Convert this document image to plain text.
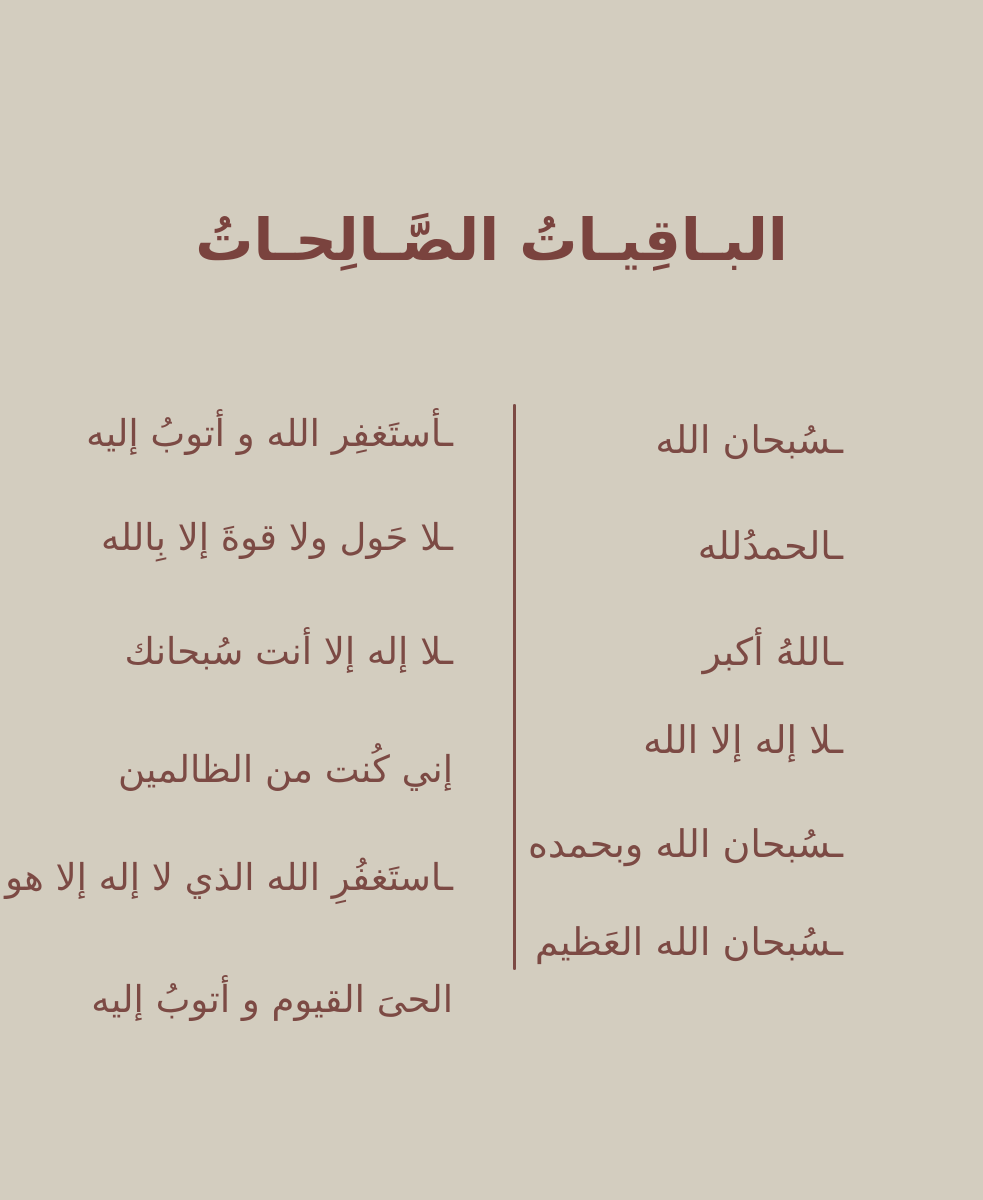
البـاقِيـاتُ الصَّـالِحـاتُ
ـسُبحان الله
ـالحمدُلله
ـاللهُ أكبر
ـلا إله إلا الله
ـسُبحان الله وبحمده
ـسُبحان الله العَظيم
ـأستَغفِر الله و أتوبُ إليه
ـلا حَول ولا قوةَ إلا بِالله
ـلا إله إلا أنت سُبحانك
إني كُنت من الظالمين
ـاستَغفُرِ الله الذي لا إله إلا هو
الحىَ القيوم و أتوبُ إليه
